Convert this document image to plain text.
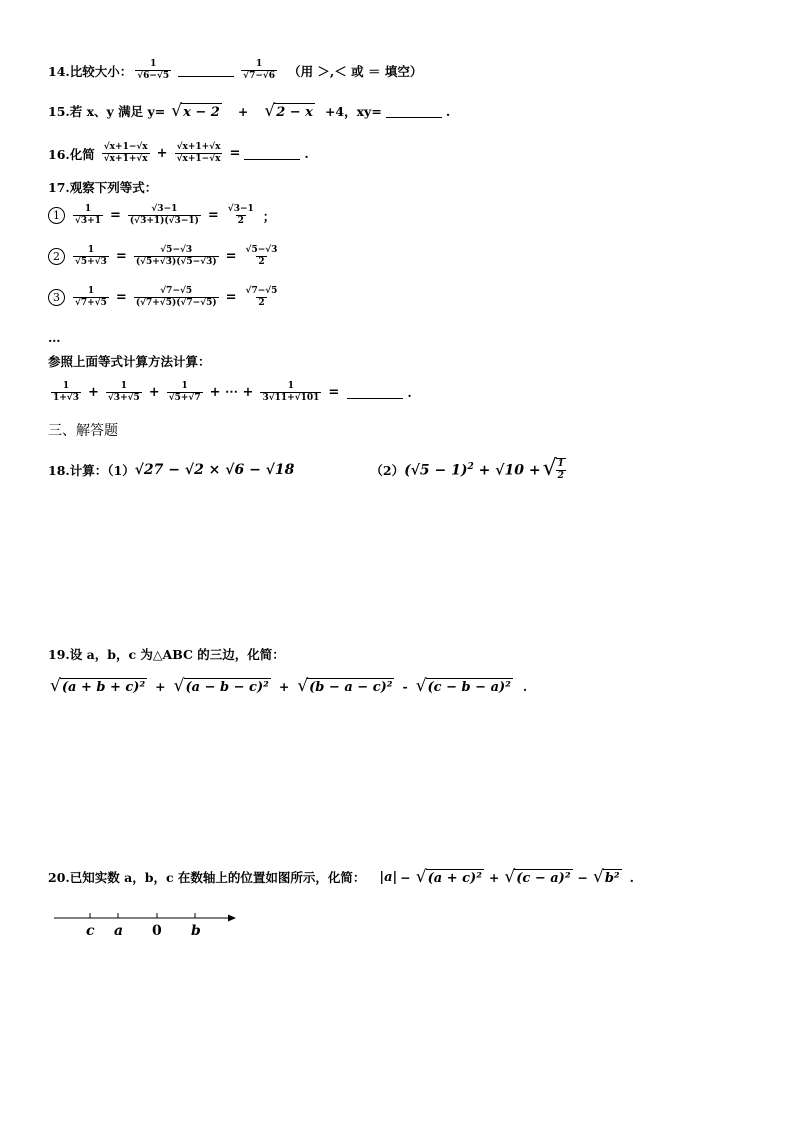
14.比较大小： $\frac{1}{√6-√5}$	$\frac{1}{√7-√6}$ （用 ＞,＜ 或 ＝ 填空）
15.若 x、y 满足 y= √ x − 2 + √ 2 − x +4，xy=	.
16.化简 $\frac{√x+1-√x}{√x+1+√x} + \frac{√x+1+√x}{√x+1-√x}$ =	.
17.观察下列等式：
1	$\frac{1}{√3+1} = \frac{√3-1}{(√3+1)(√3-1)} = \frac{√3-1}{2}$ ；
2	$\frac{1}{√5+√3} = \frac{√5-√3}{(√5+√3)(√5-√3)} = \frac{√5-√3}{2}$
3	$\frac{1}{√7+√5} = \frac{√7-√5}{(√7+√5)(√7-√5)} = \frac{√7-√5}{2}$
…
参照上面等式计算方法计算：
$\frac{1}{1+√3} + \frac{1}{√3+√5} + \frac{1}{√5+√7}$ + ⋯ + $\frac{1}{3√11+√101}$ =	.
三、解答题
18.计算：（1） √27 − √2 × √6 − √18	（2） $(√5 - 1)^2 + √10$ + √ $\frac{1}{2}$
19.设 a，b，c 为△ABC 的三边，化简：
√ (a + b + c)² + √ (a − b − c)² + √ (b − a − c)² - √ (c − b − a)² .
20.已知实数 a，b，c 在数轴上的位置如图所示，化简： |a| − √ (a + c)² + √ (c − a)² − √ b² .
c a 0 b
